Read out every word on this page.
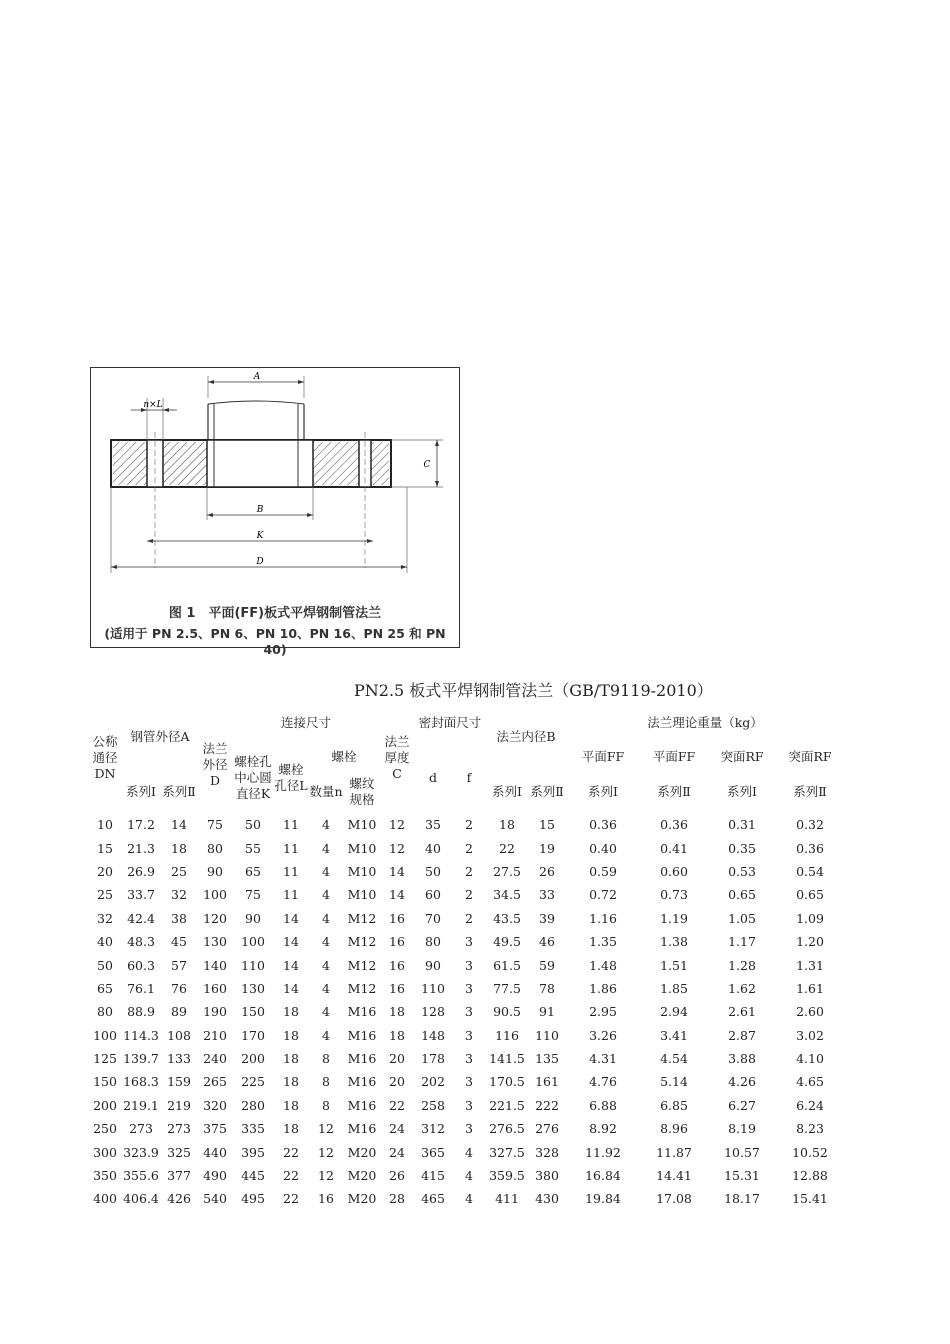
A
n×L
C
B
K
D
图 1　平面(FF)板式平焊钢制管法兰
(适用于 PN 2.5、PN 6、PN 10、PN 16、PN 25 和 PN 40)
PN2.5 板式平焊钢制管法兰（GB/T9119-2010）
公称通径DN	钢管外径A		法兰外径D	连接尺寸				法兰厚度C	密封面尺寸		法兰内径B		法兰理论重量（kg）			
				螺栓孔中心圆直径K	螺栓孔径L	螺栓			d	f			平面FF	平面FF	突面RF	突面RF
	系列Ⅰ	系列Ⅱ				数量n	螺纹规格				系列Ⅰ	系列Ⅱ	系列Ⅰ	系列Ⅱ	系列Ⅰ	系列Ⅱ
10	17.2	14	75	50	11	4	M10	12	35	2	18	15	0.36	0.36	0.31	0.32
15	21.3	18	80	55	11	4	M10	12	40	2	22	19	0.40	0.41	0.35	0.36
20	26.9	25	90	65	11	4	M10	14	50	2	27.5	26	0.59	0.60	0.53	0.54
25	33.7	32	100	75	11	4	M10	14	60	2	34.5	33	0.72	0.73	0.65	0.65
32	42.4	38	120	90	14	4	M12	16	70	2	43.5	39	1.16	1.19	1.05	1.09
40	48.3	45	130	100	14	4	M12	16	80	3	49.5	46	1.35	1.38	1.17	1.20
50	60.3	57	140	110	14	4	M12	16	90	3	61.5	59	1.48	1.51	1.28	1.31
65	76.1	76	160	130	14	4	M12	16	110	3	77.5	78	1.86	1.85	1.62	1.61
80	88.9	89	190	150	18	4	M16	18	128	3	90.5	91	2.95	2.94	2.61	2.60
100	114.3	108	210	170	18	4	M16	18	148	3	116	110	3.26	3.41	2.87	3.02
125	139.7	133	240	200	18	8	M16	20	178	3	141.5	135	4.31	4.54	3.88	4.10
150	168.3	159	265	225	18	8	M16	20	202	3	170.5	161	4.76	5.14	4.26	4.65
200	219.1	219	320	280	18	8	M16	22	258	3	221.5	222	6.88	6.85	6.27	6.24
250	273	273	375	335	18	12	M16	24	312	3	276.5	276	8.92	8.96	8.19	8.23
300	323.9	325	440	395	22	12	M20	24	365	4	327.5	328	11.92	11.87	10.57	10.52
350	355.6	377	490	445	22	12	M20	26	415	4	359.5	380	16.84	14.41	15.31	12.88
400	406.4	426	540	495	22	16	M20	28	465	4	411	430	19.84	17.08	18.17	15.41
